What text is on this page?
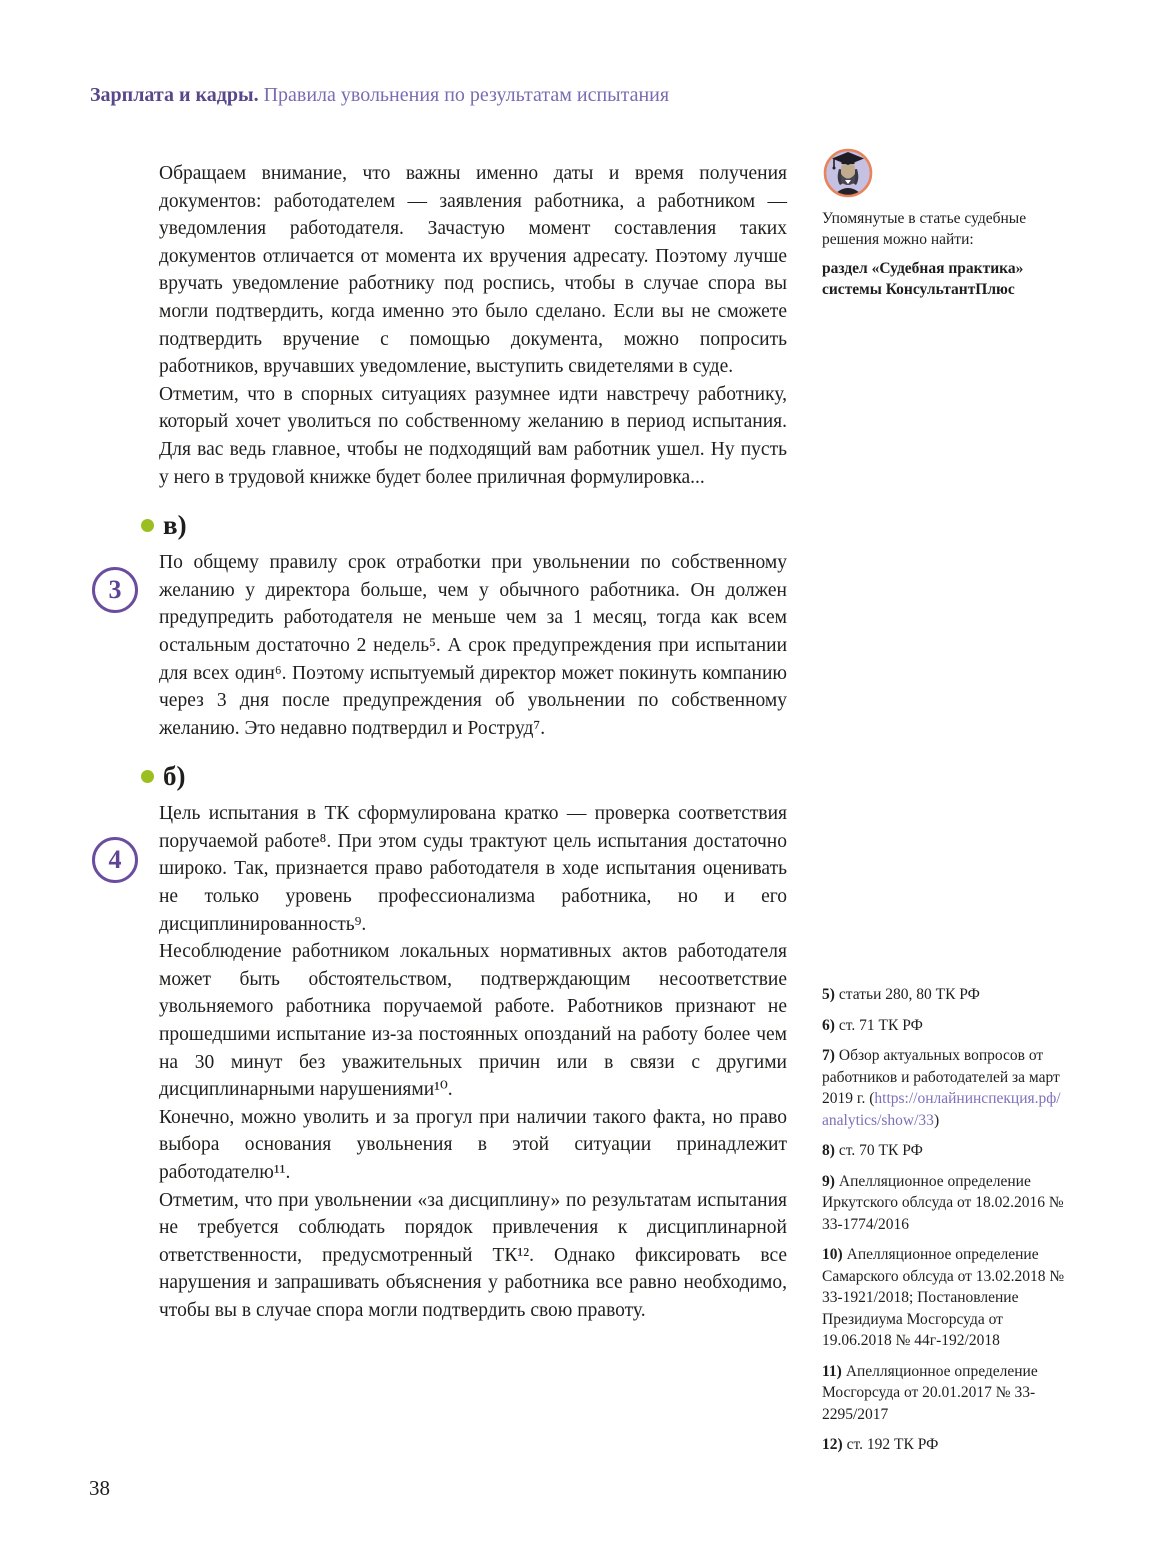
Зарплата и кадры. Правила увольнения по результатам испытания
3
4

Обращаем внимание, что важны именно даты и время получения документов: работодателем — заявления работника, а работником — уведомления работодателя. Зачастую момент составления таких документов отличается от момента их вручения адресату. Поэтому лучше вручать уведомление работнику под роспись, чтобы в случае спора вы могли подтвердить, когда именно это было сделано. Если вы не сможете подтвердить вручение с помощью документа, можно попросить работников, вручавших уведомление, выступить свидетелями в суде.

Отметим, что в спорных ситуациях разумнее идти навстречу работнику, который хочет уволиться по собственному желанию в период испытания. Для вас ведь главное, чтобы не подходящий вам работник ушел. Ну пусть у него в трудовой книжке будет более приличная формулировка...

в)

По общему правилу срок отработки при увольнении по собственному желанию у директора больше, чем у обычного работника. Он должен предупредить работодателя не меньше чем за 1 месяц, тогда как всем остальным достаточно 2 недель⁵. А срок предупреждения при испытании для всех один⁶. Поэтому испытуемый директор может покинуть компанию через 3 дня после предупреждения об увольнении по собственному желанию. Это недавно подтвердил и Роструд⁷.

б)

Цель испытания в ТК сформулирована кратко — проверка соответствия поручаемой работе⁸. При этом суды трактуют цель испытания достаточно широко. Так, признается право работодателя в ходе испытания оценивать не только уровень профессионализма работника, но и его дисциплинированность⁹.

Несоблюдение работником локальных нормативных актов работодателя может быть обстоятельством, подтверждающим несоответствие увольняемого работника поручаемой работе. Работников признают не прошедшими испытание из-за постоянных опозданий на работу более чем на 30 минут без уважительных причин или в связи с другими дисциплинарными нарушениями¹⁰.

Конечно, можно уволить и за прогул при наличии такого факта, но право выбора основания увольнения в этой ситуации принадлежит работодателю¹¹.

Отметим, что при увольнении «за дисциплину» по результатам испытания не требуется соблюдать порядок привлечения к дисциплинарной ответственности, предусмотренный ТК¹². Однако фиксировать все нарушения и запрашивать объяснения у работника все равно необходимо, чтобы вы в случае спора могли подтвердить свою правоту.

Упомянутые в статье судебные решения можно найти:
раздел «Судебная практика» системы КонсультантПлюс

5) статьи 280, 80 ТК РФ

6) ст. 71 ТК РФ

7) Обзор актуальных вопросов от работников и работодателей за март 2019 г. (https://онлайнинспекция.рф/analytics/show/33)

8) ст. 70 ТК РФ

9) Апелляционное определение Иркутского облсуда от 18.02.2016 № 33-1774/2016

10) Апелляционное определение Самарского облсуда от 13.02.2018 № 33-1921/2018; Постановление Президиума Мосгорсуда от 19.06.2018 № 44г-192/2018

11) Апелляционное определение Мосгорсуда от 20.01.2017 № 33-2295/2017

12) ст. 192 ТК РФ

38
